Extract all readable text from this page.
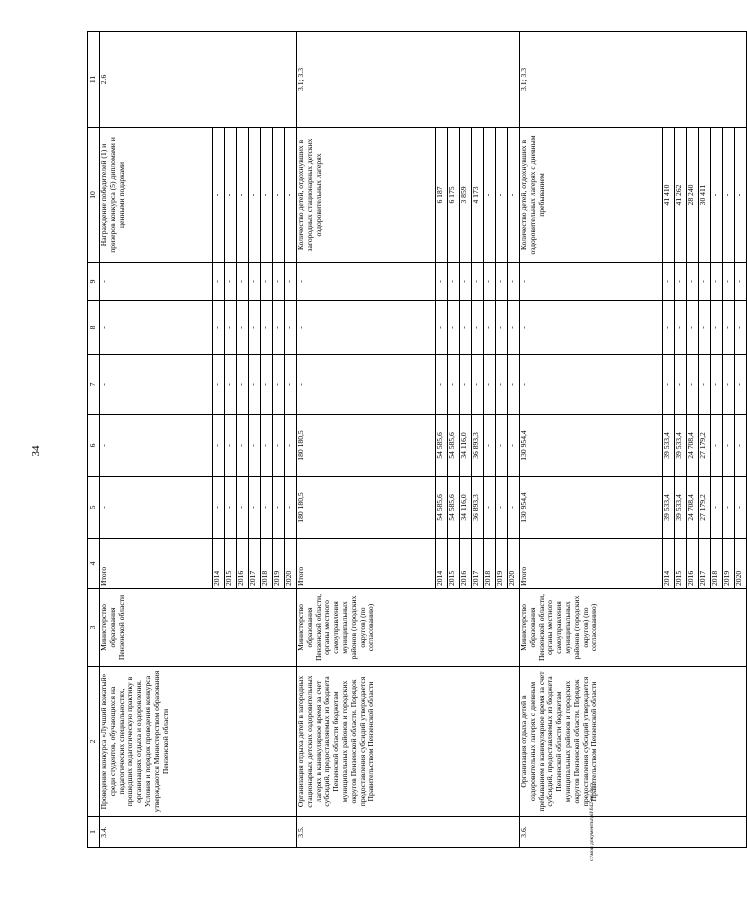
34
c:\мои документы\pil\642-пп.docx
1	2	3	4	5	6	7	8	9	10	11
3.4.	Проведение конкурса «Лучший вожатый» среди студентов, обучающихся на педагогических специальностях, прошедших педагогическую практику в организациях отдыха и оздоровления. Условия и порядок проведения конкурса утверждаются Министерством образования Пензенской области	Министерство образования Пензенской области	Итого	-	-	-	-	-	Награждение победителей (1) и призеров конкурса (5) дипломами и ценными подарками	2.6
			2014	-	-	-	-	-	-	
			2015	-	-	-	-	-	-	
			2016	-	-	-	-	-	-	
			2017	-	-	-	-	-	-	
			2018	-	-	-	-	-	-	
			2019	-	-	-	-	-	-	
			2020	-	-	-	-	-	-	
3.5.	Организация отдыха детей в загородных стационарных детских оздоровительных лагерях в каникулярное время за счет субсидий, предоставляемых из бюджета Пензенской области бюджетам муниципальных районов и городских округов Пензенской области. Порядок предоставления субсидий утверждается Правительством Пензенской области	Министерство образования Пензенской области, органы местного самоуправления муниципальных районов (городских округов) (по согласованию)	Итого	180 180,5	180 180,5	-	-	-	Количество детей, отдохнувших в загородных стационарных детских оздоровительных лагерях	3.1; 3.3
			2014	54 585,6	54 585,6	-	-	-	6 187	
			2015	54 585,6	54 585,6	-	-	-	6 175	
			2016	34 116,0	34 116,0	-	-	-	3 859	
			2017	36 893,3	36 893,3	-	-	-	4 173	
			2018	-	-	-	-	-	-	
			2019	-	-	-	-	-	-	
			2020	-	-	-	-	-	-	
3.6.	Организация отдыха детей в оздоровительных лагерях с дневным пребыванием в каникулярное время за счет субсидий, предоставляемых из бюджета Пензенской области бюджетам муниципальных районов и городских округов Пензенской области. Порядок предоставления субсидий утверждается Правительством Пензенской области	Министерство образования Пензенской области, органы местного самоуправления муниципальных районов (городских округов) (по согласованию)	Итого	130 954,4	130 954,4	-	-	-	Количество детей, отдохнувших в оздоровительных лагерях с дневным пребыванием	3.1; 3.3
			2014	39 533,4	39 533,4	-	-	-	41 410	
			2015	39 533,4	39 533,4	-	-	-	41 262	
			2016	24 708,4	24 708,4	-	-	-	28 240	
			2017	27 179,2	27 179,2	-	-	-	30 411	
			2018	-	-	-	-	-	-	
			2019	-	-	-	-	-	-	
			2020	-	-	-	-	-	-	
